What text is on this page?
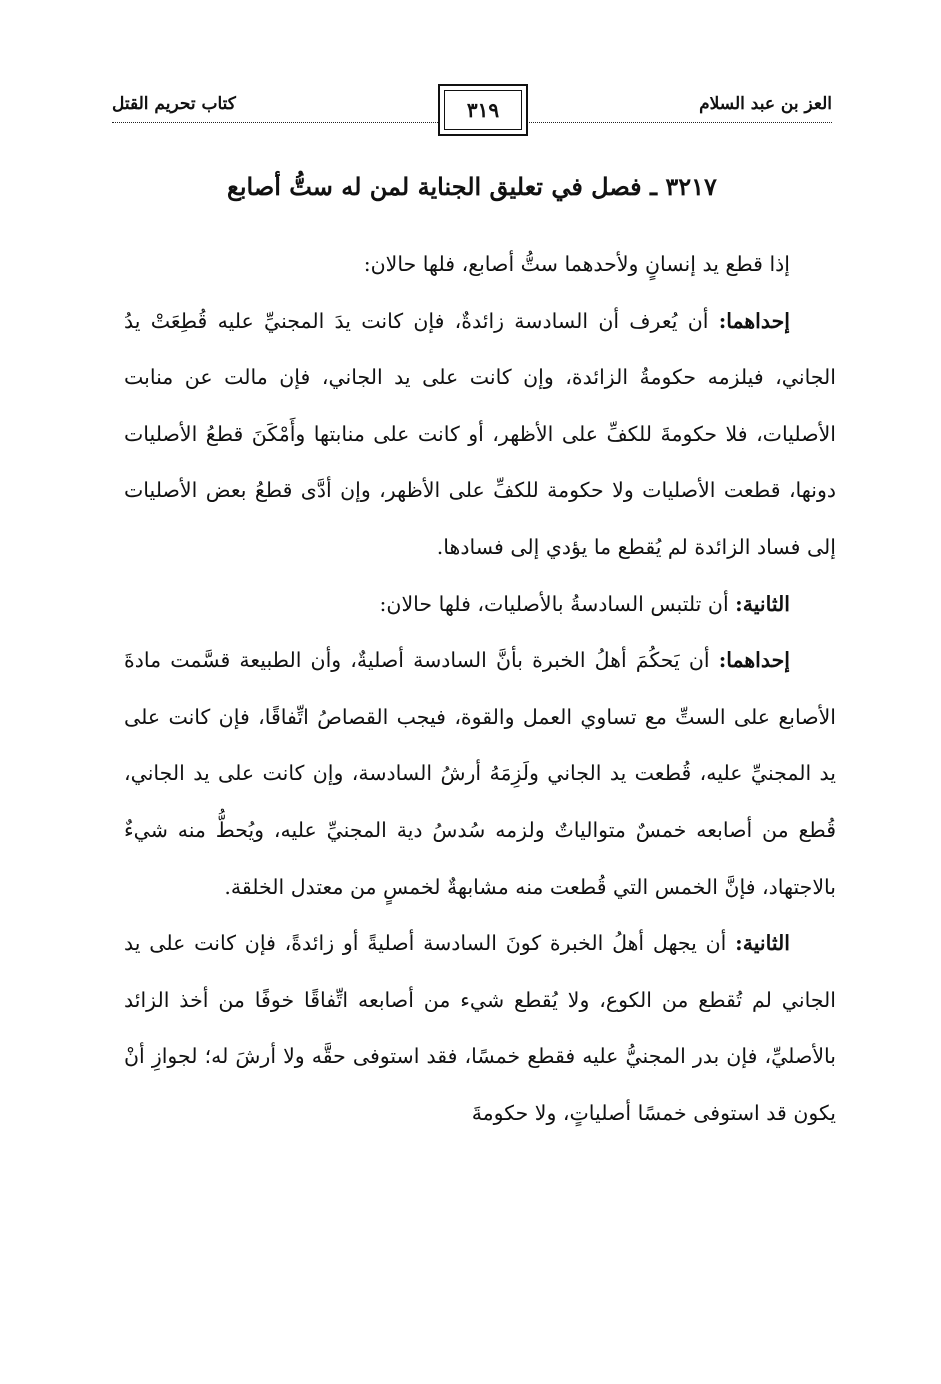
العز بن عبد السلام
كتاب تحريم القتل	٣١٩
٣٢١٧ ـ فصل في تعليق الجناية لمن له ستُّ أصابع

إذا قطع يد إنسانٍ ولأحدهما ستُّ أصابع، فلها حالان:

إحداهما: أن يُعرف أن السادسة زائدةٌ، فإن كانت يدَ المجنيِّ عليه قُطِعَتْ يدُ الجاني، فيلزمه حكومةُ الزائدة، وإن كانت على يد الجاني، فإن مالت عن منابت الأصليات، فلا حكومةَ للكفِّ على الأظهر، أو كانت على منابتها وأَمْكَنَ قطعُ الأصليات دونها، قطعت الأصليات ولا حكومة للكفِّ على الأظهر، وإن أدَّى قطعُ بعض الأصليات إلى فساد الزائدة لم يُقطع ما يؤدي إلى فسادها.

الثانية: أن تلتبس السادسةُ بالأصليات، فلها حالان:

إحداهما: أن يَحكُمَ أهلُ الخبرة بأنَّ السادسة أصليةٌ، وأن الطبيعة قسَّمت مادةَ الأصابع على الستِّ مع تساوي العمل والقوة، فيجب القصاصُ اتِّفاقًا، فإن كانت على يد المجنيِّ عليه، قُطعت يد الجاني ولَزِمَهُ أرشُ السادسة، وإن كانت على يد الجاني، قُطع من أصابعه خمسٌ متوالياتٌ ولزمه سُدسُ دية المجنيِّ عليه، ويُحطُّ منه شيءٌ بالاجتهاد، فإنَّ الخمس التي قُطعت منه مشابهةٌ لخمسٍ من معتدل الخلقة.

الثانية: أن يجهل أهلُ الخبرة كونَ السادسة أصليةً أو زائدةً، فإن كانت على يد الجاني لم تُقطع من الكوع، ولا يُقطع شيء من أصابعه اتِّفاقًا خوفًا من أخذ الزائد بالأصليِّ، فإن بدر المجنيُّ عليه فقطع خمسًا، فقد استوفى حقَّه ولا أرشَ له؛ لجوازِ أنْ يكون قد استوفى خمسًا أصلياتٍ، ولا حكومةَ
